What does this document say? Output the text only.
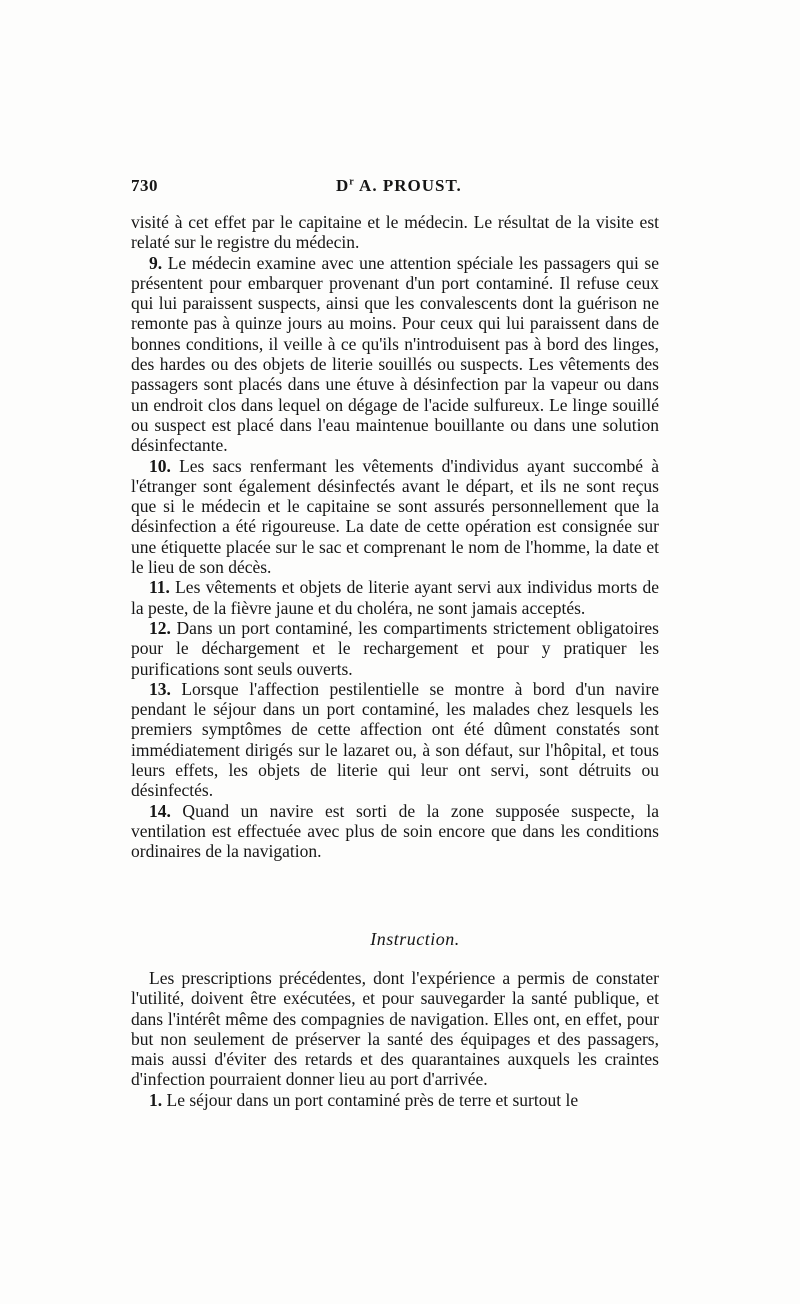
730	$D^r$ A. PROUST.

visité à cet effet par le capitaine et le médecin. Le résultat de la visite est relaté sur le registre du médecin.

9. Le médecin examine avec une attention spéciale les passagers qui se présentent pour embarquer provenant d'un port contaminé. Il refuse ceux qui lui paraissent suspects, ainsi que les convalescents dont la guérison ne remonte pas à quinze jours au moins. Pour ceux qui lui paraissent dans de bonnes conditions, il veille à ce qu'ils n'introduisent pas à bord des linges, des hardes ou des objets de literie souillés ou suspects. Les vêtements des passagers sont placés dans une étuve à désinfection par la vapeur ou dans un endroit clos dans lequel on dégage de l'acide sulfureux. Le linge souillé ou suspect est placé dans l'eau maintenue bouillante ou dans une solution désinfectante.

10. Les sacs renfermant les vêtements d'individus ayant succombé à l'étranger sont également désinfectés avant le départ, et ils ne sont reçus que si le médecin et le capitaine se sont assurés personnellement que la désinfection a été rigoureuse. La date de cette opération est consignée sur une étiquette placée sur le sac et comprenant le nom de l'homme, la date et le lieu de son décès.

11. Les vêtements et objets de literie ayant servi aux individus morts de la peste, de la fièvre jaune et du choléra, ne sont jamais acceptés.

12. Dans un port contaminé, les compartiments strictement obligatoires pour le déchargement et le rechargement et pour y pratiquer les purifications sont seuls ouverts.

13. Lorsque l'affection pestilentielle se montre à bord d'un navire pendant le séjour dans un port contaminé, les malades chez lesquels les premiers symptômes de cette affection ont été dûment constatés sont immédiatement dirigés sur le lazaret ou, à son défaut, sur l'hôpital, et tous leurs effets, les objets de literie qui leur ont servi, sont détruits ou désinfectés.

14. Quand un navire est sorti de la zone supposée suspecte, la ventilation est effectuée avec plus de soin encore que dans les conditions ordinaires de la navigation.

Instruction.

Les prescriptions précédentes, dont l'expérience a permis de constater l'utilité, doivent être exécutées, et pour sauvegarder la santé publique, et dans l'intérêt même des compagnies de navigation. Elles ont, en effet, pour but non seulement de préserver la santé des équipages et des passagers, mais aussi d'éviter des retards et des quarantaines auxquels les craintes d'infection pourraient donner lieu au port d'arrivée.

1. Le séjour dans un port contaminé près de terre et surtout le
